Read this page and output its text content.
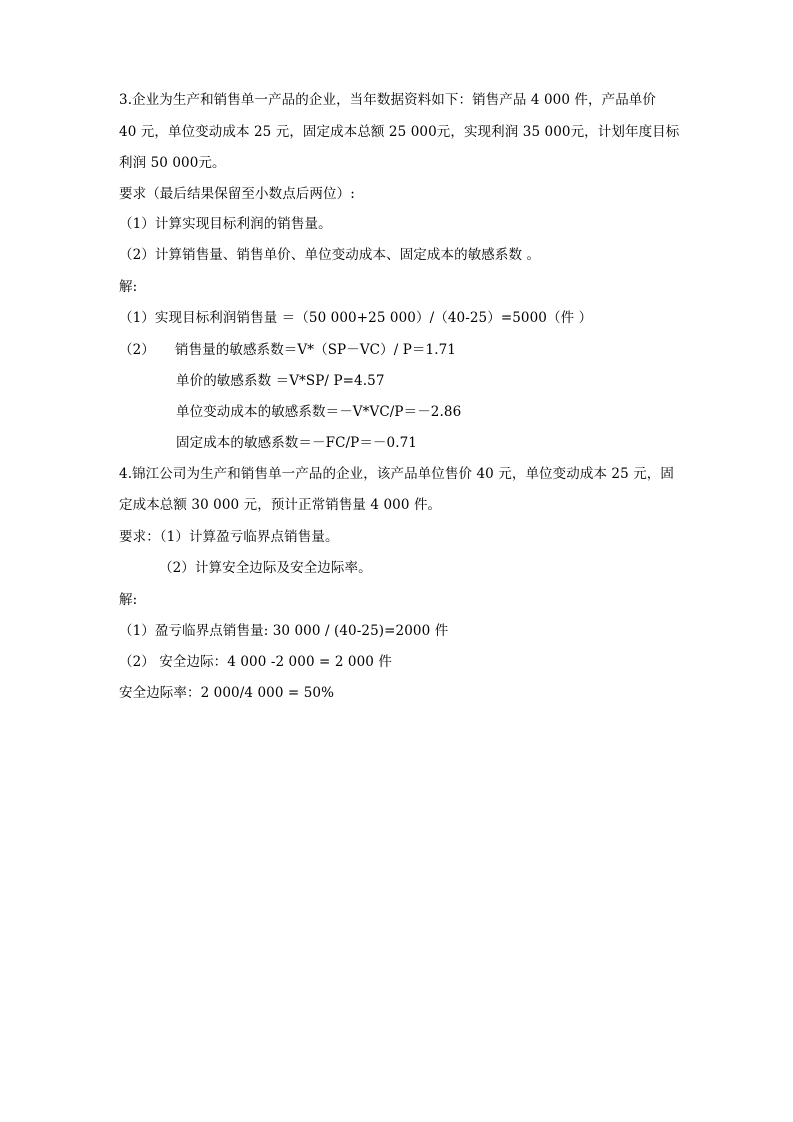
3.企业为生产和销售单一产品的企业，当年数据资料如下：销售产品 4 000 件，产品单价
40 元，单位变动成本 25 元，固定成本总额 25 000元，实现利润 35 000元，计划年度目标
利润 50 000元。
要求（最后结果保留至小数点后两位）:
（1）计算实现目标利润的销售量。
（2）计算销售量、销售单价、单位变动成本、固定成本的敏感系数 。
解:
（1）实现目标利润销售量 ＝（50 000+25 000）/（40-25）=5000（件 ）
（2） 销售量的敏感系数＝V*（SP－VC）/ P＝1.71
单价的敏感系数 ＝V*SP/ P=4.57
单位变动成本的敏感系数＝－V*VC/P＝－2.86
固定成本的敏感系数＝－FC/P＝－0.71
4.锦江公司为生产和销售单一产品的企业，该产品单位售价 40 元，单位变动成本 25 元，固
定成本总额 30 000 元，预计正常销售量 4 000 件。
要求：（1）计算盈亏临界点销售量。
（2）计算安全边际及安全边际率。
解:
（1）盈亏临界点销售量: 30 000 / (40-25)=2000 件
（2） 安全边际：4 000 -2 000 = 2 000 件
安全边际率：2 000/4 000 = 50%
